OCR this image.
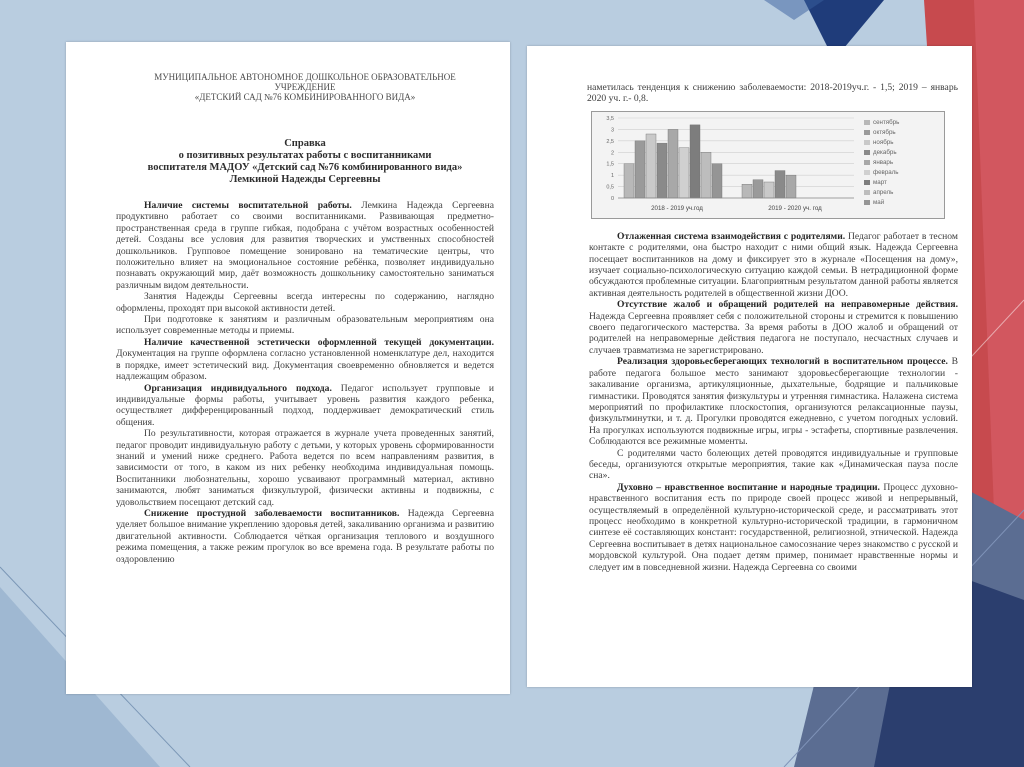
МУНИЦИПАЛЬНОЕ АВТОНОМНОЕ ДОШКОЛЬНОЕ ОБРАЗОВАТЕЛЬНОЕ

УЧРЕЖДЕНИЕ

«ДЕТСКИЙ САД №76 КОМБИНИРОВАННОГО ВИДА»

Справка
о позитивных результатах работы с воспитанниками
воспитателя МАДОУ «Детский сад №76 комбинированного вида»
Лемкиной Надежды Сергеевны

Наличие системы воспитательной работы. Лемкина Надежда Сергеевна продуктивно работает со своими воспитанниками. Развивающая предметно-пространственная среда в группе гибкая, подобрана с учётом возрастных особенностей детей. Созданы все условия для развития творческих и умственных способностей дошкольников. Групповое помещение зонировано на тематические центры, что положительно влияет на эмоциональное состояние ребёнка, позволяет индивидуально познавать окружающий мир, даёт возможность дошкольнику самостоятельно заниматься различным видом деятельности.

Занятия Надежды Сергеевны всегда интересны по содержанию, наглядно оформлены, проходят при высокой активности детей.

При подготовке к занятиям и различным образовательным мероприятиям она использует современные методы и приемы.

Наличие качественной эстетически оформленной текущей документации. Документация на группе оформлена согласно установленной номенклатуре дел, находится в порядке, имеет эстетический вид. Документация своевременно обновляется и ведется надлежащим образом.

Организация индивидуального подхода. Педагог использует групповые и индивидуальные формы работы, учитывает уровень развития каждого ребенка, осуществляет дифференцированный подход, поддерживает демократический стиль общения.

По результативности, которая отражается в журнале учета проведенных занятий, педагог проводит индивидуальную работу с детьми, у которых уровень сформированности знаний и умений ниже среднего. Работа ведется по всем направлениям развития, в зависимости от того, в каком из них ребенку необходима индивидуальная помощь. Воспитанники любознательны, хорошо усваивают программный материал, активно занимаются, любят заниматься физкультурой, физически активны и подвижны, с удовольствием посещают детский сад.

Снижение простудной заболеваемости воспитанников. Надежда Сергеевна уделяет большое внимание укреплению здоровья детей, закаливанию организма и развитию двигательной активности. Соблюдается чёткая организация теплового и воздушного режима помещения, а также режим прогулок во все времена года. В результате работы по оздоровлению

наметилась тенденция к снижению заболеваемости: 2018-2019уч.г. - 1,5; 2019 – январь 2020 уч. г.- 0,8.

0
0,5
1
1,5
2
2,5
3
3,5
2018 - 2019 уч.год	2019 - 2020 уч. год
сентябрь
октябрь
ноябрь
декабрь
январь
февраль
март
апрель
май

Отлаженная система взаимодействия с родителями. Педагог работает в тесном контакте с родителями, она быстро находит с ними общий язык. Надежда Сергеевна посещает воспитанников на дому и фиксирует это в журнале «Посещения на дому», изучает социально-психологическую ситуацию каждой семьи. В нетрадиционной форме обсуждаются проблемные ситуации. Благоприятным результатом данной работы является активная деятельность родителей в общественной жизни ДОО.

Отсутствие жалоб и обращений родителей на неправомерные действия. Надежда Сергеевна проявляет себя с положительной стороны и стремится к повышению своего педагогического мастерства. За время работы в ДОО жалоб и обращений от родителей на неправомерные действия педагога не поступало, несчастных случаев и случаев травматизма не зарегистрировано.

Реализация здоровьесберегающих технологий в воспитательном процессе. В работе педагога большое место занимают здоровьесберегающие технологии - закаливание организма, артикуляционные, дыхательные, бодрящие и пальчиковые гимнастики. Проводятся занятия физкультуры и утренняя гимнастика. Налажена система мероприятий по профилактике плоскостопия, организуются релаксационные паузы, физкультминутки, и т. д. Прогулки проводятся ежедневно, с учетом погодных условий. На прогулках используются подвижные игры, игры - эстафеты, спортивные развлечения. Соблюдаются все режимные моменты.

С родителями часто болеющих детей проводятся индивидуальные и групповые беседы, организуются открытые мероприятия, такие как «Динамическая пауза после сна».

Духовно – нравственное воспитание и народные традиции. Процесс духовно-нравственного воспитания есть по природе своей процесс живой и непрерывный, осуществляемый в определённой культурно-исторической среде, и рассматривать этот процесс необходимо в конкретной культурно-исторической традиции, в гармоничном синтезе её составляющих констант: государственной, религиозной, этнической. Надежда Сергеевна воспитывает в детях национальное самосознание через знакомство с русской и мордовской культурой. Она подает детям пример, понимает нравственные нормы и следует им в повседневной жизни. Надежда Сергеевна со своими
